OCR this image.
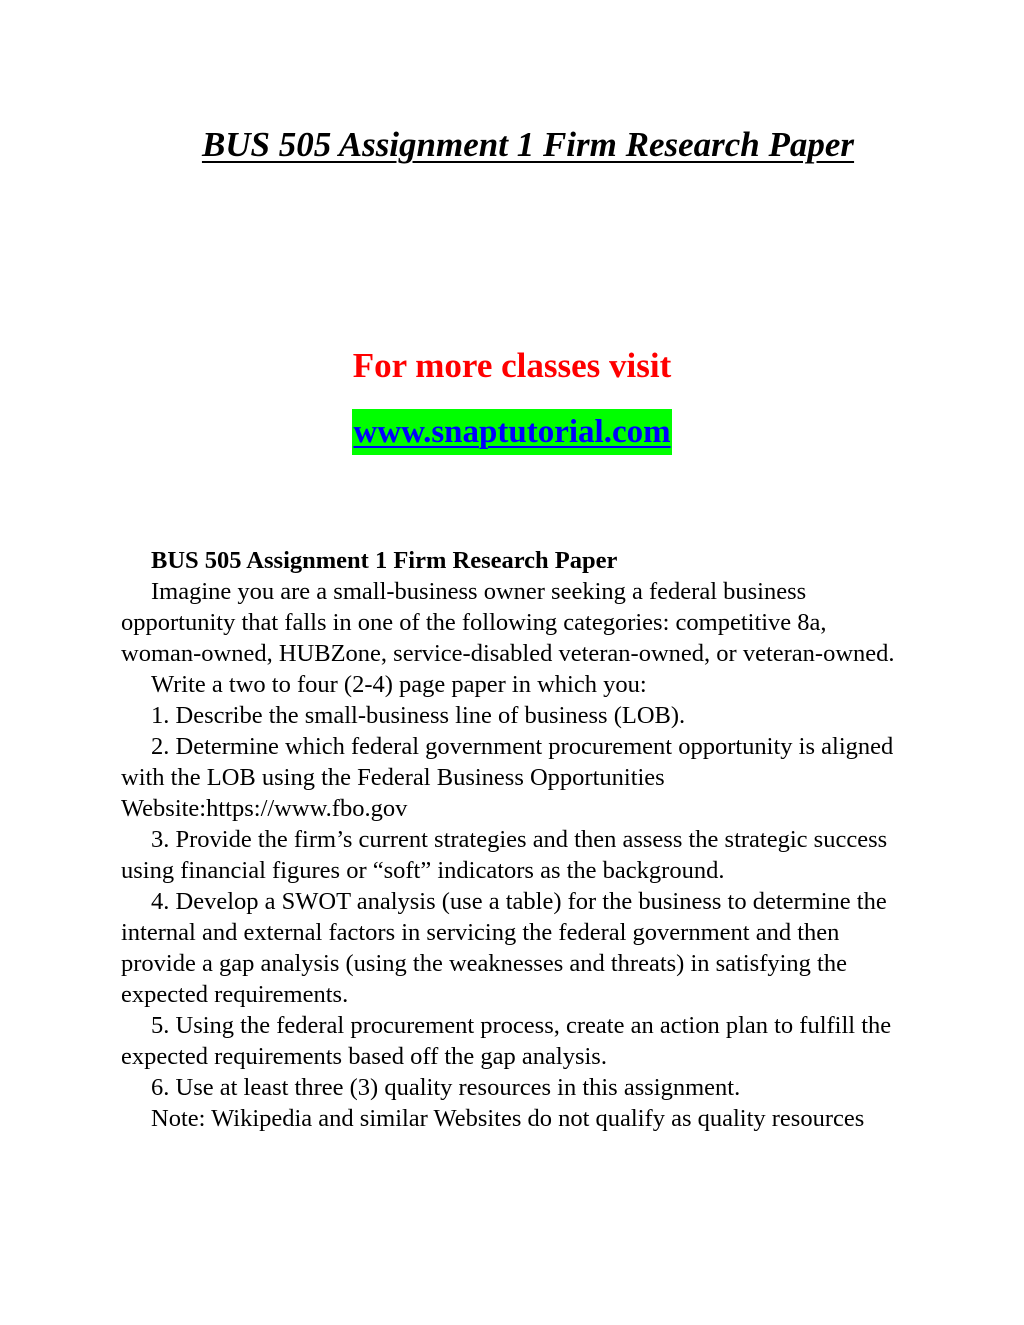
BUS 505 Assignment 1 Firm Research Paper

For more classes visit

www.snaptutorial.com

BUS 505 Assignment 1 Firm Research Paper

Imagine you are a small-business owner seeking a federal business opportunity that falls in one of the following categories: competitive 8a, woman-owned, HUBZone, service-disabled veteran-owned, or veteran-owned.

Write a two to four (2-4) page paper in which you:

1. Describe the small-business line of business (LOB).

2. Determine which federal government procurement opportunity is aligned with the LOB using the Federal Business Opportunities Website:https://www.fbo.gov

3. Provide the firm’s current strategies and then assess the strategic success using financial figures or “soft” indicators as the background.

4. Develop a SWOT analysis (use a table) for the business to determine the internal and external factors in servicing the federal government and then provide a gap analysis (using the weaknesses and threats) in satisfying the expected requirements.

5. Using the federal procurement process, create an action plan to fulfill the expected requirements based off the gap analysis.

6. Use at least three (3) quality resources in this assignment.

Note: Wikipedia and similar Websites do not qualify as quality resources
